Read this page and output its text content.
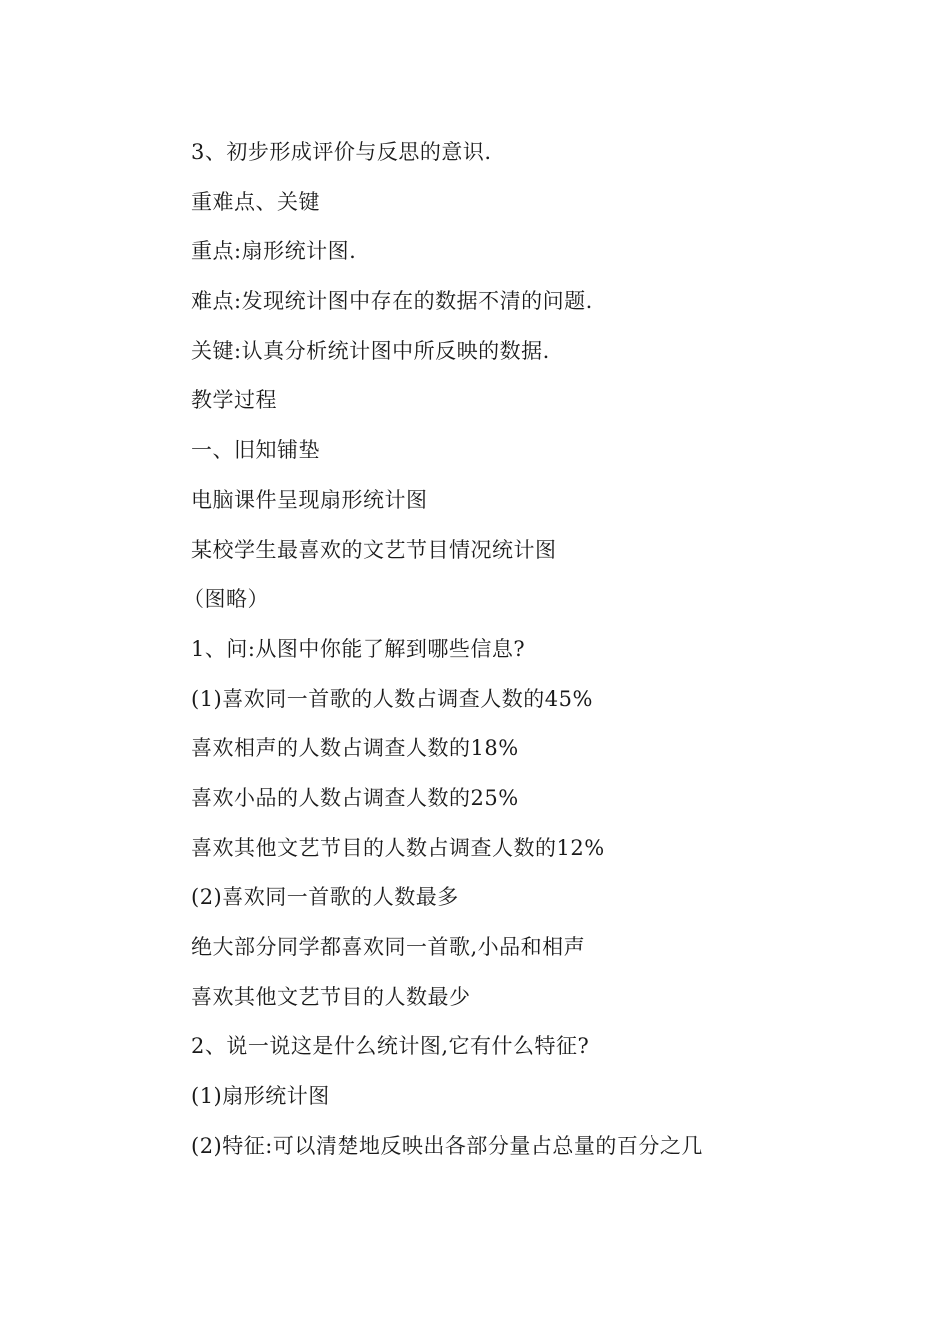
3、初步形成评价与反思的意识.
重难点、关键
重点:扇形统计图.
难点:发现统计图中存在的数据不清的问题.
关键:认真分析统计图中所反映的数据.
教学过程
一、旧知铺垫
电脑课件呈现扇形统计图
某校学生最喜欢的文艺节目情况统计图
（图略）
1、问:从图中你能了解到哪些信息?
(1)喜欢同一首歌的人数占调查人数的45%
喜欢相声的人数占调查人数的18%
喜欢小品的人数占调查人数的25%
喜欢其他文艺节目的人数占调查人数的12%
(2)喜欢同一首歌的人数最多
绝大部分同学都喜欢同一首歌,小品和相声
喜欢其他文艺节目的人数最少
2、说一说这是什么统计图,它有什么特征?
(1)扇形统计图
(2)特征:可以清楚地反映出各部分量占总量的百分之几
